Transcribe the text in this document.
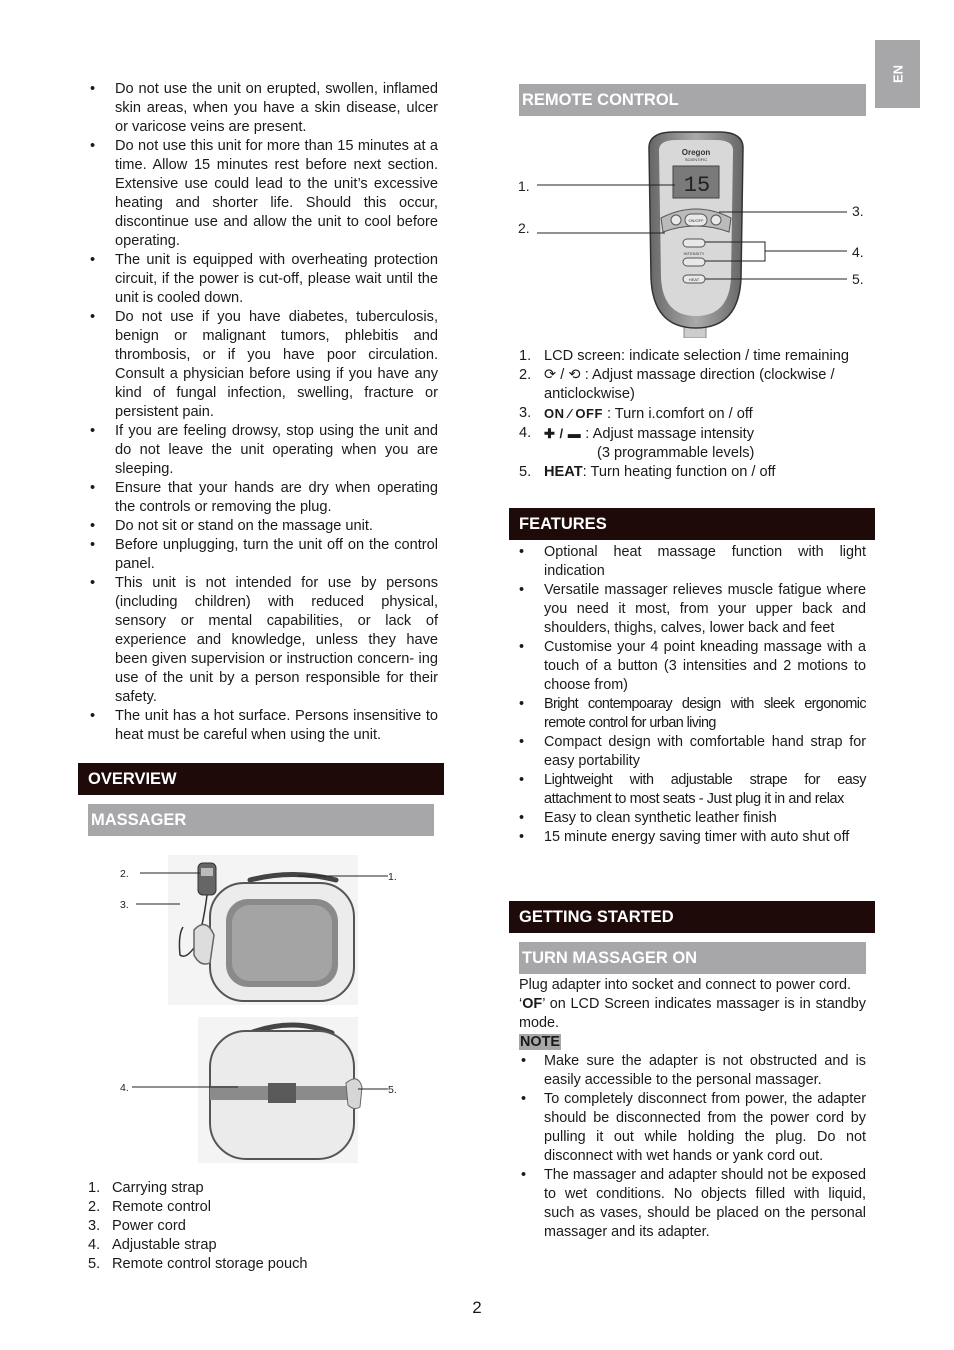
EN
• Do not use the unit on erupted, swollen, inflamed skin areas, when you have a skin disease, ulcer or varicose veins are present.
• Do not use this unit for more than 15 minutes at a time. Allow 15 minutes rest before next section. Extensive use could lead to the unit’s excessive heating and shorter life. Should this occur, discontinue use and allow the unit to cool before operating.
• The unit is equipped with overheating protection circuit, if the power is cut-off, please wait until the unit is cooled down.
• Do not use if you have diabetes, tuberculosis, benign or malignant tumors, phlebitis and thrombosis, or if you have poor circulation. Consult a physician before using if you have any kind of fungal infection, swelling, fracture or persistent pain.
• If you are feeling drowsy, stop using the unit and do not leave the unit operating when you are sleeping.
• Ensure that your hands are dry when operating the controls or removing the plug.
• Do not sit or stand on the massage unit.
• Before unplugging, turn the unit off on the control panel.
• This unit is not intended for use by persons (including children) with reduced physical, sensory or mental capabilities, or lack of experience and knowledge, unless they have been given supervision or instruction concern- ing use of the unit by a person responsible for their safety.
• The unit has a hot surface. Persons insensitive to heat must be careful when using the unit.
OVERVIEW
MASSAGER
2.
3.
1.
4.	5.
1. Carrying strap
2. Remote control
3. Power cord
4. Adjustable strap
5. Remote control storage pouch
REMOTE CONTROL
Oregon
SCIENTIFIC
15
ON/OFF
INTENSITY
HEAT
1.
2.
3.
4.
5.
1. LCD screen: indicate selection / time remaining
2. ⟳ / ⟲ : Adjust massage direction (clockwise / anticlockwise)
3. ON ⁄ OFF : Turn i.comfort on / off
4. ✚ / ▬ : Adjust massage intensity
(3 programmable levels)
5. HEAT: Turn heating function on / off
FEATURES
• Optional heat massage function with light indication
• Versatile massager relieves muscle fatigue where you need it most, from your upper back and shoulders, thighs, calves, lower back and feet
• Customise your 4 point kneading massage with a touch of a button (3 intensities and 2 motions to choose from)
• Bright contempoaray design with sleek ergonomic remote control for urban living
• Compact design with comfortable hand strap for easy portability
• Lightweight with adjustable strape for easy attachment to most seats - Just plug it in and relax
• Easy to clean synthetic leather finish
• 15 minute energy saving timer with auto shut off
GETTING STARTED
TURN MASSAGER ON

Plug adapter into socket and connect to power cord.

‘OF’ on LCD Screen indicates massager is in standby mode.

NOTE

• Make sure the adapter is not obstructed and is easily accessible to the personal massager.
• To completely disconnect from power, the adapter should be disconnected from the power cord by pulling it out while holding the plug. Do not disconnect with wet hands or yank cord out.
• The massager and adapter should not be exposed to wet conditions. No objects filled with liquid, such as vases, should be placed on the personal massager and its adapter.
2
